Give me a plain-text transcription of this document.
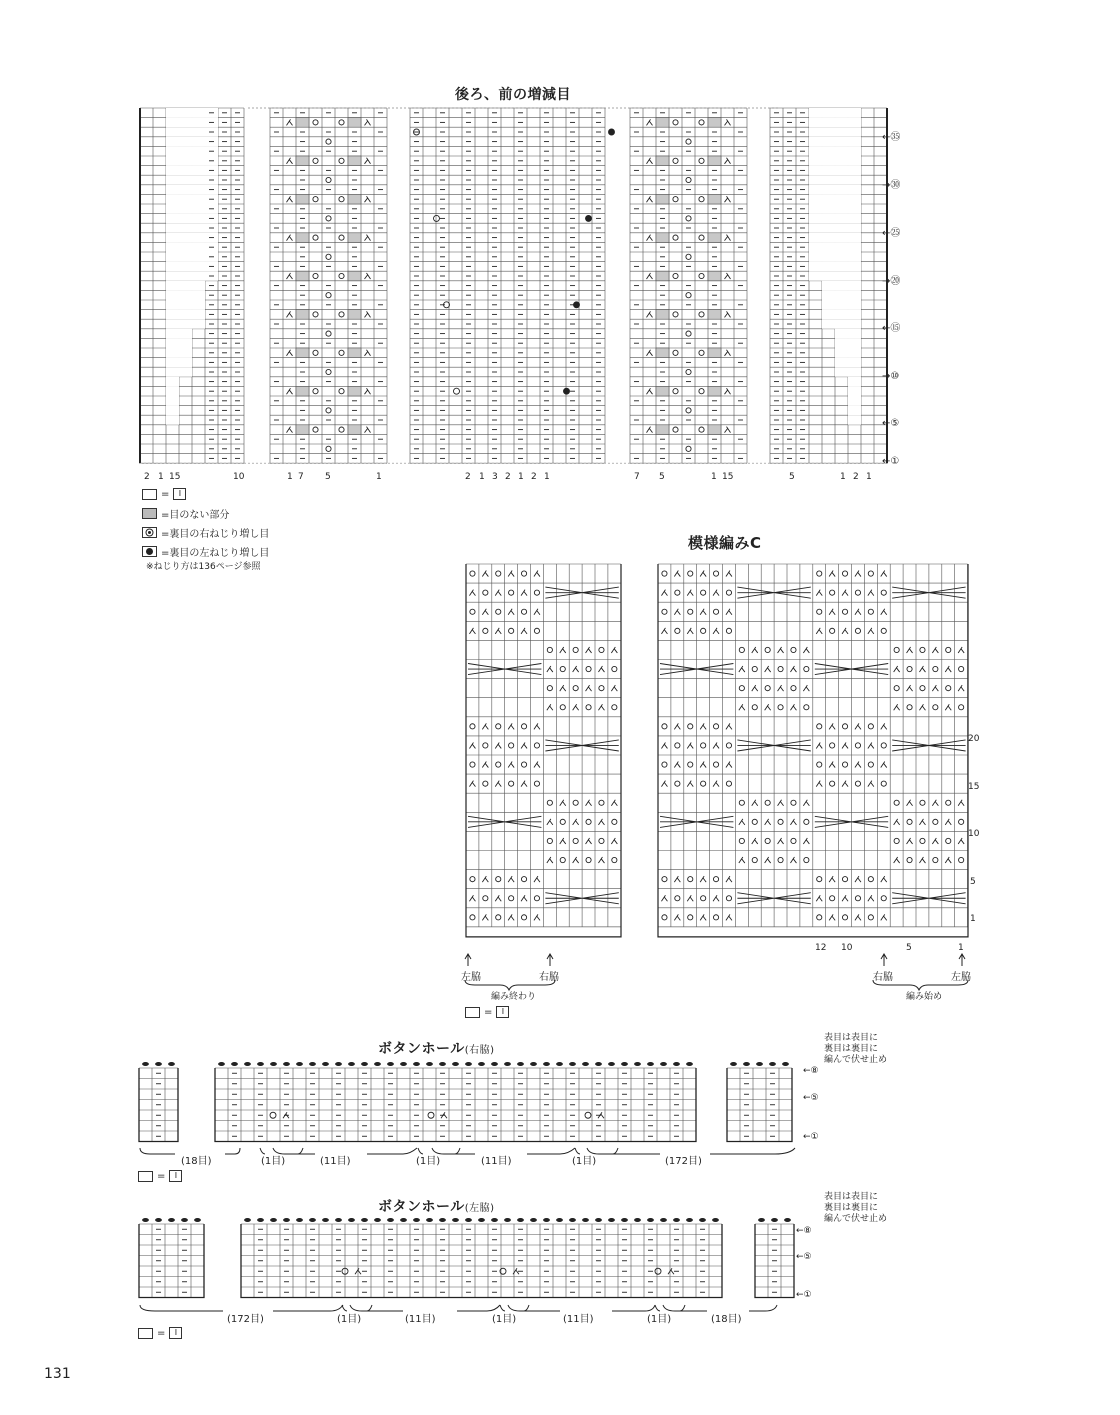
後ろ、前の増減目
←㉟
→㉚
←㉕
→⑳
←⑮
→⑩
←⑤
←①
2 1 15	10	1 7 5	1	2 1 3 2 1 2 1	7 5	1 15	5	1 2 1
=	I
=目のない部分
=裏目の右ねじり増し目
=裏目の左ねじり増し目
※ねじり方は136ページ参照
模様編みC
20
15
10
5
1
12 10	5	1
左脇	右脇	右脇	左脇
編み終わり	編み始め
=	I
ボタンホール(右脇)
表目は表目に
裏目は裏目に
編んで伏せ止め
←⑧
←⑤
←①
(18目)	(1目)	(11目)	(1目)	(11目)	(1目)	(172目)
=	I
ボタンホール(左脇)
表目は表目に
裏目は裏目に
編んで伏せ止め
←⑧
←⑤
←①
(172目)	(1目)	(11目)	(1目)	(11目)	(1目)	(18目)
=	I
131
